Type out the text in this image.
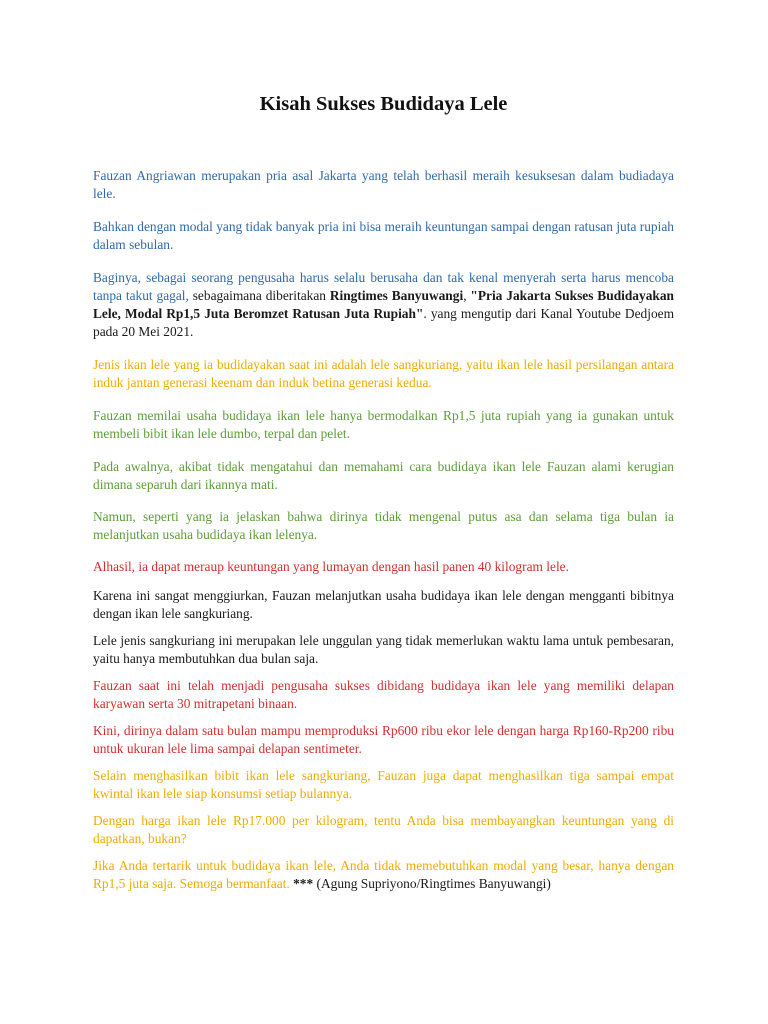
Kisah Sukses Budidaya Lele

Fauzan Angriawan merupakan pria asal Jakarta yang telah berhasil meraih kesuksesan dalam budiadaya lele.

Bahkan dengan modal yang tidak banyak pria ini bisa meraih keuntungan sampai dengan ratusan juta rupiah dalam sebulan.

Baginya, sebagai seorang pengusaha harus selalu berusaha dan tak kenal menyerah serta harus mencoba tanpa takut gagal, sebagaimana diberitakan Ringtimes Banyuwangi, "Pria Jakarta Sukses Budidayakan Lele, Modal Rp1,5 Juta Beromzet Ratusan Juta Rupiah". yang mengutip dari Kanal Youtube Dedjoem pada 20 Mei 2021.

Jenis ikan lele yang ia budidayakan saat ini adalah lele sangkuriang, yaitu ikan lele hasil persilangan antara induk jantan generasi keenam dan induk betina generasi kedua.

Fauzan memilai usaha budidaya ikan lele hanya bermodalkan Rp1,5 juta rupiah yang ia gunakan untuk membeli bibit ikan lele dumbo, terpal dan pelet.

Pada awalnya, akibat tidak mengatahui dan memahami cara budidaya ikan lele Fauzan alami kerugian dimana separuh dari ikannya mati.

Namun, seperti yang ia jelaskan bahwa dirinya tidak mengenal putus asa dan selama tiga bulan ia melanjutkan usaha budidaya ikan lelenya.

Alhasil, ia dapat meraup keuntungan yang lumayan dengan hasil panen 40 kilogram lele.

Karena ini sangat menggiurkan, Fauzan melanjutkan usaha budidaya ikan lele dengan mengganti bibitnya dengan ikan lele sangkuriang.

Lele jenis sangkuriang ini merupakan lele unggulan yang tidak memerlukan waktu lama untuk pembesaran, yaitu hanya membutuhkan dua bulan saja.

Fauzan saat ini telah menjadi pengusaha sukses dibidang budidaya ikan lele yang memiliki delapan karyawan serta 30 mitrapetani binaan.

Kini, dirinya dalam satu bulan mampu memproduksi Rp600 ribu ekor lele dengan harga Rp160-Rp200 ribu untuk ukuran lele lima sampai delapan sentimeter.

Selain menghasilkan bibit ikan lele sangkuriang, Fauzan juga dapat menghasilkan tiga sampai empat kwintal ikan lele siap konsumsi setiap bulannya.

Dengan harga ikan lele Rp17.000 per kilogram, tentu Anda bisa membayangkan keuntungan yang di dapatkan, bukan?

Jika Anda tertarik untuk budidaya ikan lele, Anda tidak memebutuhkan modal yang besar, hanya dengan Rp1,5 juta saja. Semoga bermanfaat. *** (Agung Supriyono/Ringtimes Banyuwangi)
